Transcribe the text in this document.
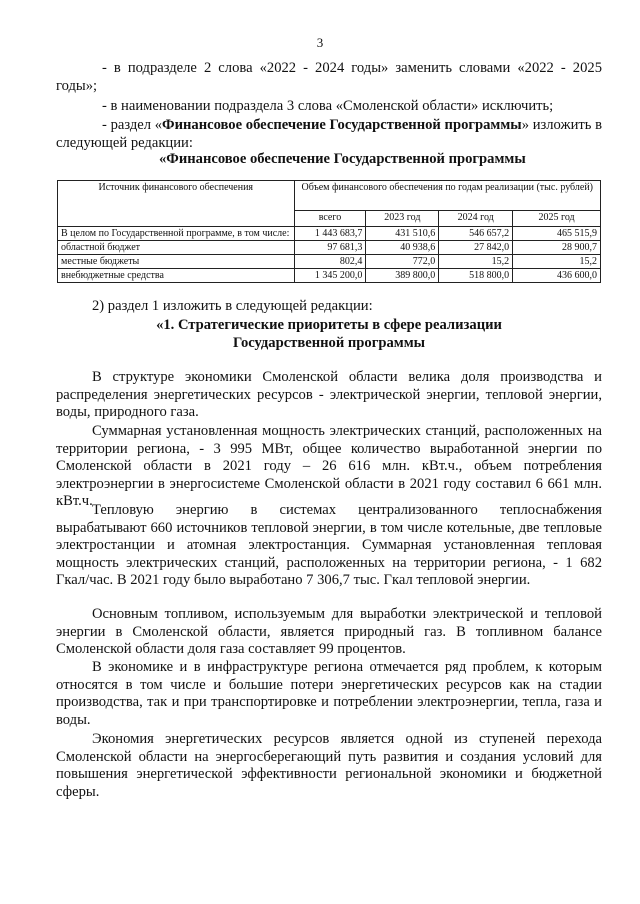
3
- в подразделе 2 слова «2022 - 2024 годы» заменить словами «2022 - 2025 годы»;
- в наименовании подраздела 3 слова «Смоленской области» исключить;
- раздел «Финансовое обеспечение Государственной программы» изложить в следующей редакции:
«Финансовое обеспечение Государственной программы
Источник финансового обеспечения	Объем финансового обеспечения по годам реализации (тыс. рублей)			
	всего	2023 год	2024 год	2025 год
В целом по Государственной программе, в том числе:	1 443 683,7	431 510,6	546 657,2	465 515,9
областной бюджет	97 681,3	40 938,6	27 842,0	28 900,7
местные бюджеты	802,4	772,0	15,2	15,2
внебюджетные средства	1 345 200,0	389 800,0	518 800,0	436 600,0
2) раздел 1 изложить в следующей редакции:
«1. Стратегические приоритеты в сфере реализации
Государственной программы
В структуре экономики Смоленской области велика доля производства и распределения энергетических ресурсов - электрической энергии, тепловой энергии, воды, природного газа.
Суммарная установленная мощность электрических станций, расположенных на территории региона, - 3 995 МВт, общее количество выработанной энергии по Смоленской области в 2021 году – 26 616 млн. кВт.ч., объем потребления электроэнергии в энергосистеме Смоленской области в 2021 году составил 6 661 млн. кВт.ч.
Тепловую энергию в системах централизованного теплоснабжения вырабатывают 660 источников тепловой энергии, в том числе котельные, две тепловые электростанции и атомная электростанция. Суммарная установленная тепловая мощность электрических станций, расположенных на территории региона, - 1 682 Гкал/час. В 2021 году было выработано 7 306,7 тыс. Гкал тепловой энергии.
Основным топливом, используемым для выработки электрической и тепловой энергии в Смоленской области, является природный газ. В топливном балансе Смоленской области доля газа составляет 99 процентов.
В экономике и в инфраструктуре региона отмечается ряд проблем, к которым относятся в том числе и большие потери энергетических ресурсов как на стадии производства, так и при транспортировке и потреблении электроэнергии, тепла, газа и воды.
Экономия энергетических ресурсов является одной из ступеней перехода Смоленской области на энергосберегающий путь развития и создания условий для повышения энергетической эффективности региональной экономики и бюджетной сферы.
